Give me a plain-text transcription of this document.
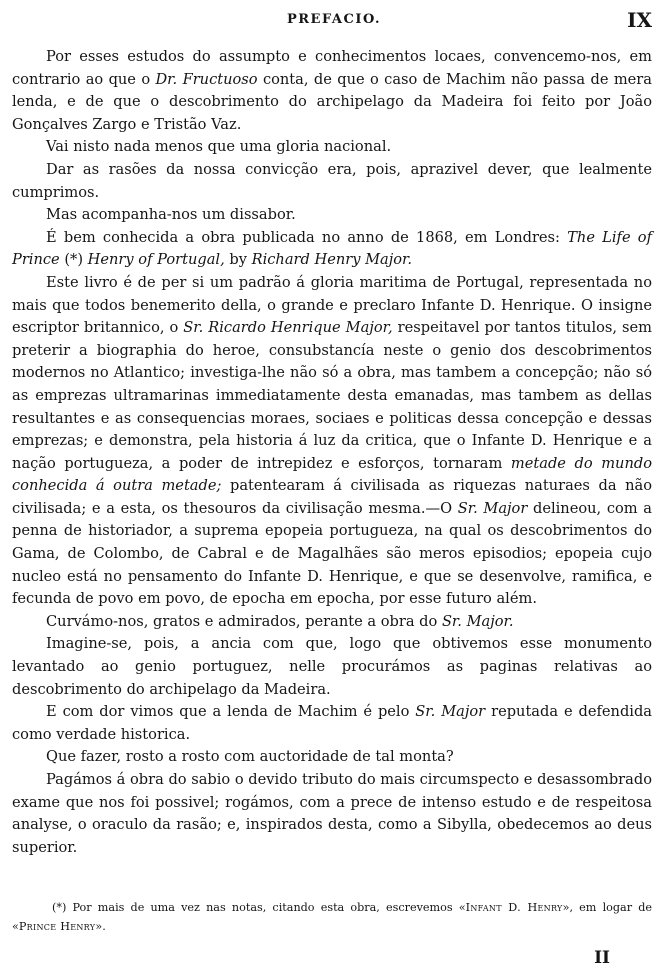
PREFACIO.	IX

Por esses estudos do assumpto e conhecimentos locaes, convencemo-nos, em contrario ao que o Dr. Fructuoso conta, de que o caso de Machim não passa de mera lenda, e de que o descobrimento do archipelago da Madeira foi feito por João Gonçalves Zargo e Tristão Vaz.

Vai nisto nada menos que uma gloria nacional.

Dar as rasões da nossa convicção era, pois, aprazivel dever, que lealmente cumprimos.

Mas acompanha-nos um dissabor.

É bem conhecida a obra publicada no anno de 1868, em Londres: The Life of Prince (*) Henry of Portugal, by Richard Henry Major.

Este livro é de per si um padrão á gloria maritima de Portugal, representada no mais que todos benemerito della, o grande e preclaro Infante D. Henrique. O insigne escriptor britannico, o Sr. Ricardo Henrique Major, respeitavel por tantos titulos, sem preterir a biographia do heroe, consubstancía neste o genio dos descobrimentos modernos no Atlantico; investiga-lhe não só a obra, mas tambem a concepção; não só as emprezas ultramarinas immediatamente desta emanadas, mas tambem as dellas resultantes e as consequencias moraes, sociaes e politicas dessa concepção e dessas emprezas; e demonstra, pela historia á luz da critica, que o Infante D. Henrique e a nação portugueza, a poder de intrepidez e esforços, tornaram metade do mundo conhecida á outra metade; patentearam á civilisada as riquezas naturaes da não civilisada; e a esta, os thesouros da civilisação mesma.—O Sr. Major delineou, com a penna de historiador, a suprema epopeia portugueza, na qual os descobrimentos do Gama, de Colombo, de Cabral e de Magalhães são meros episodios; epopeia cujo nucleo está no pensamento do Infante D. Henrique, e que se desenvolve, ramifica, e fecunda de povo em povo, de epocha em epocha, por esse futuro além.

Curvámo-nos, gratos e admirados, perante a obra do Sr. Major.

Imagine-se, pois, a ancia com que, logo que obtivemos esse monumento levantado ao genio portuguez, nelle procurámos as paginas relativas ao descobrimento do archipelago da Madeira.

E com dor vimos que a lenda de Machim é pelo Sr. Major reputada e defendida como verdade historica.

Que fazer, rosto a rosto com auctoridade de tal monta?

Pagámos á obra do sabio o devido tributo do mais circumspecto e desassombrado exame que nos foi possivel; rogámos, com a prece de intenso estudo e de respeitosa analyse, o oraculo da rasão; e, inspirados desta, como a Sibylla, obedecemos ao deus superior.

(*) Por mais de uma vez nas notas, citando esta obra, escrevemos «Infant D. Henry», em logar de «Prince Henry».

II
